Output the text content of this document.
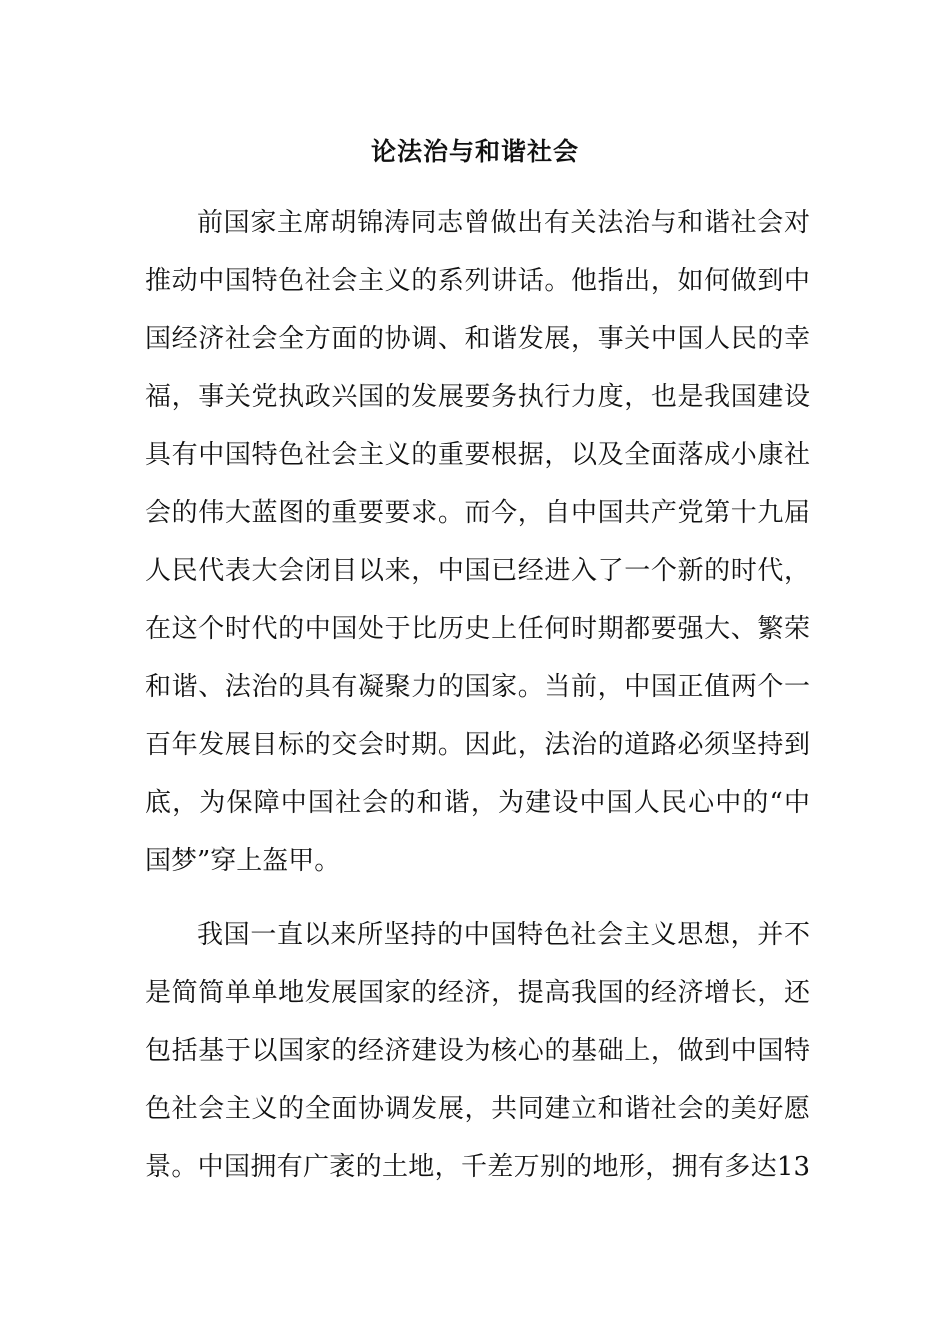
论法治与和谐社会
前国家主席胡锦涛同志曾做出有关法治与和谐社会对
推动中国特色社会主义的系列讲话。他指出，如何做到中
国经济社会全方面的协调、和谐发展，事关中国人民的幸
福，事关党执政兴国的发展要务执行力度，也是我国建设
具有中国特色社会主义的重要根据，以及全面落成小康社
会的伟大蓝图的重要要求。而今，自中国共产党第十九届
人民代表大会闭目以来，中国已经进入了一个新的时代，
在这个时代的中国处于比历史上任何时期都要强大、繁荣
和谐、法治的具有凝聚力的国家。当前，中国正值两个一
百年发展目标的交会时期。因此，法治的道路必须坚持到
底，为保障中国社会的和谐，为建设中国人民心中的“中
国梦”穿上盔甲。
我国一直以来所坚持的中国特色社会主义思想，并不
是简简单单地发展国家的经济，提高我国的经济增长，还
包括基于以国家的经济建设为核心的基础上，做到中国特
色社会主义的全面协调发展，共同建立和谐社会的美好愿
景。中国拥有广袤的土地，千差万别的地形，拥有多达13
